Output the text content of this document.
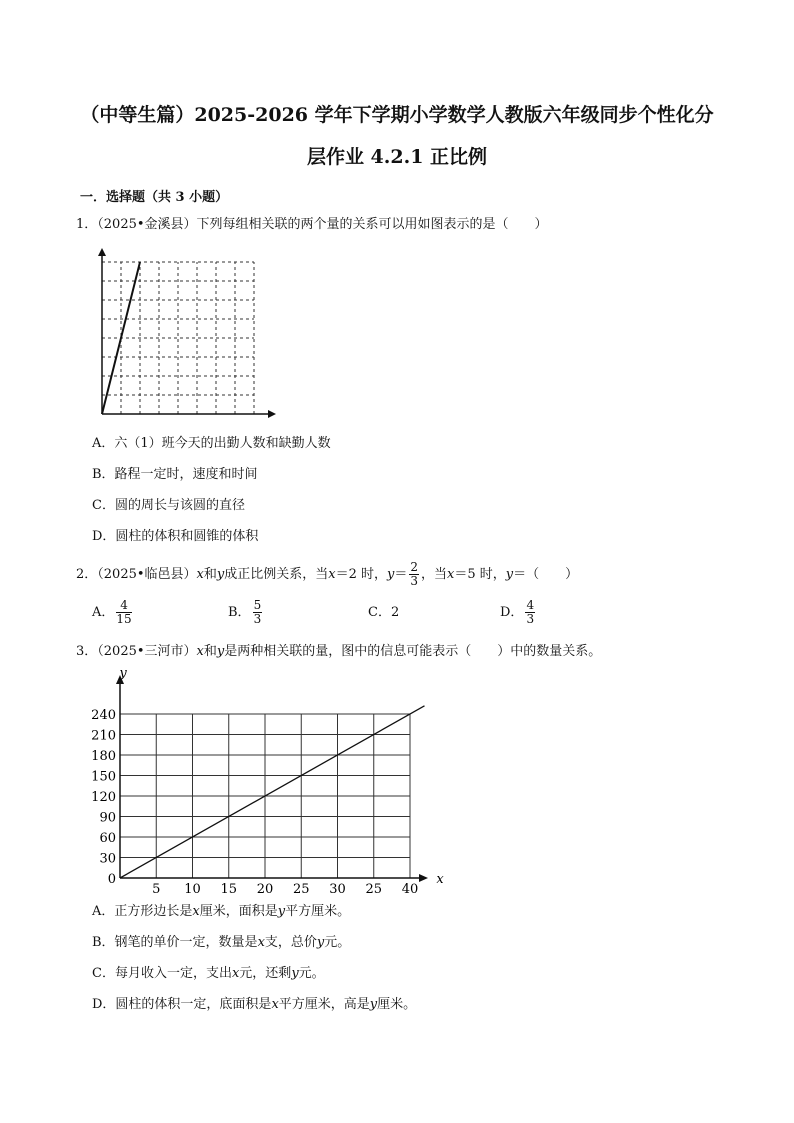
（中等生篇）2025-2026 学年下学期小学数学人教版六年级同步个性化分
层作业 4.2.1 正比例
一．选择题（共 3 小题）
1．（2025•金溪县）下列每组相关联的两个量的关系可以用如图表示的是（　　）
A．六（1）班今天的出勤人数和缺勤人数
B．路程一定时，速度和时间
C．圆的周长与该圆的直径
D．圆柱的体积和圆锥的体积
2．（2025•临邑县）x和y成正比例关系，当x＝2 时，$y= \frac{2}{3}$ ，当x＝5 时，y＝（　　）
A． $\frac{4}{15}$	B． $\frac{5}{3}$	C．2	D． $\frac{4}{3}$
3．（2025•三河市）x和y是两种相关联的量，图中的信息可能表示（　　）中的数量关系。
x
y
5 10 15 20 25 30 25 40
0
30
60
90
120
150
180
210
240
A．正方形边长是x厘米，面积是y平方厘米。
B．钢笔的单价一定，数量是x支，总价y元。
C．每月收入一定，支出x元，还剩y元。
D．圆柱的体积一定，底面积是x平方厘米，高是y厘米。
